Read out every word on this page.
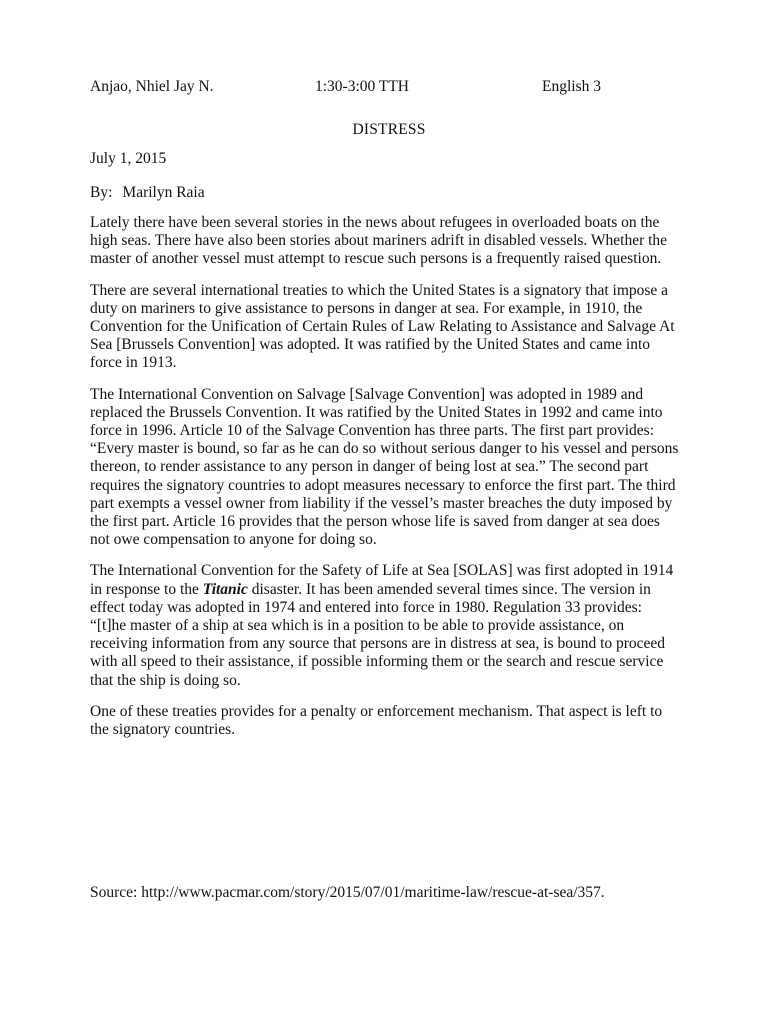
Anjao, Nhiel Jay N.	1:30-3:00 TTH	English 3
DISTRESS
July 1, 2015
By: Marilyn Raia

Lately there have been several stories in the news about refugees in overloaded boats on the high seas. There have also been stories about mariners adrift in disabled vessels. Whether the master of another vessel must attempt to rescue such persons is a frequently raised question.

There are several international treaties to which the United States is a signatory that impose a duty on mariners to give assistance to persons in danger at sea. For example, in 1910, the Convention for the Unification of Certain Rules of Law Relating to Assistance and Salvage At Sea [Brussels Convention] was adopted. It was ratified by the United States and came into force in 1913.

The International Convention on Salvage [Salvage Convention] was adopted in 1989 and replaced the Brussels Convention. It was ratified by the United States in 1992 and came into force in 1996. Article 10 of the Salvage Convention has three parts. The first part provides: “Every master is bound, so far as he can do so without serious danger to his vessel and persons thereon, to render assistance to any person in danger of being lost at sea.” The second part requires the signatory countries to adopt measures necessary to enforce the first part. The third part exempts a vessel owner from liability if the vessel’s master breaches the duty imposed by the first part. Article 16 provides that the person whose life is saved from danger at sea does not owe compensation to anyone for doing so.

The International Convention for the Safety of Life at Sea [SOLAS] was first adopted in 1914 in response to the Titanic disaster. It has been amended several times since. The version in effect today was adopted in 1974 and entered into force in 1980. Regulation 33 provides: “[t]he master of a ship at sea which is in a position to be able to provide assistance, on receiving information from any source that persons are in distress at sea, is bound to proceed with all speed to their assistance, if possible informing them or the search and rescue service that the ship is doing so.

One of these treaties provides for a penalty or enforcement mechanism. That aspect is left to the signatory countries.

Source: http://www.pacmar.com/story/2015/07/01/maritime-law/rescue-at-sea/357.
